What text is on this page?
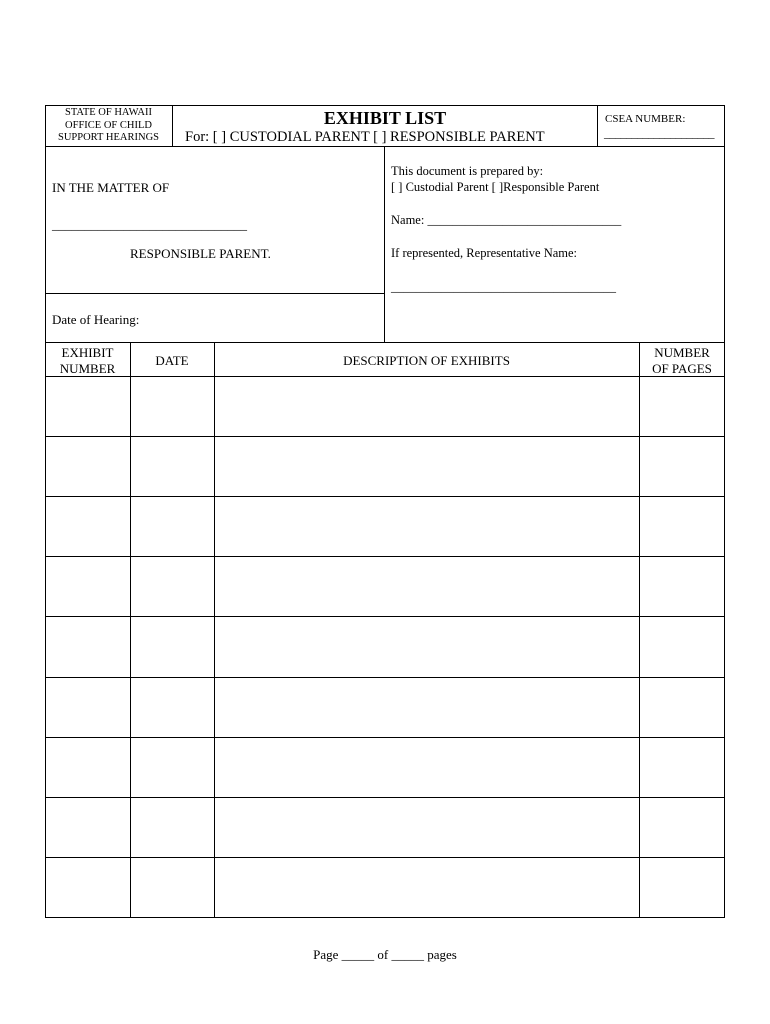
STATE OF HAWAII
OFFICE OF CHILD
SUPPORT HEARINGS
EXHIBIT LIST
For: [ ] CUSTODIAL PARENT [ ] RESPONSIBLE PARENT
CSEA NUMBER:
____________________
IN THE MATTER OF
______________________________
RESPONSIBLE PARENT.
Date of Hearing:
This document is prepared by:
[ ] Custodial Parent [ ]Responsible Parent
Name: _______________________________
If represented, Representative Name:
____________________________________
EXHIBIT
NUMBER
DATE	DESCRIPTION OF EXHIBITS
NUMBER
OF PAGES
Page _____ of _____ pages
